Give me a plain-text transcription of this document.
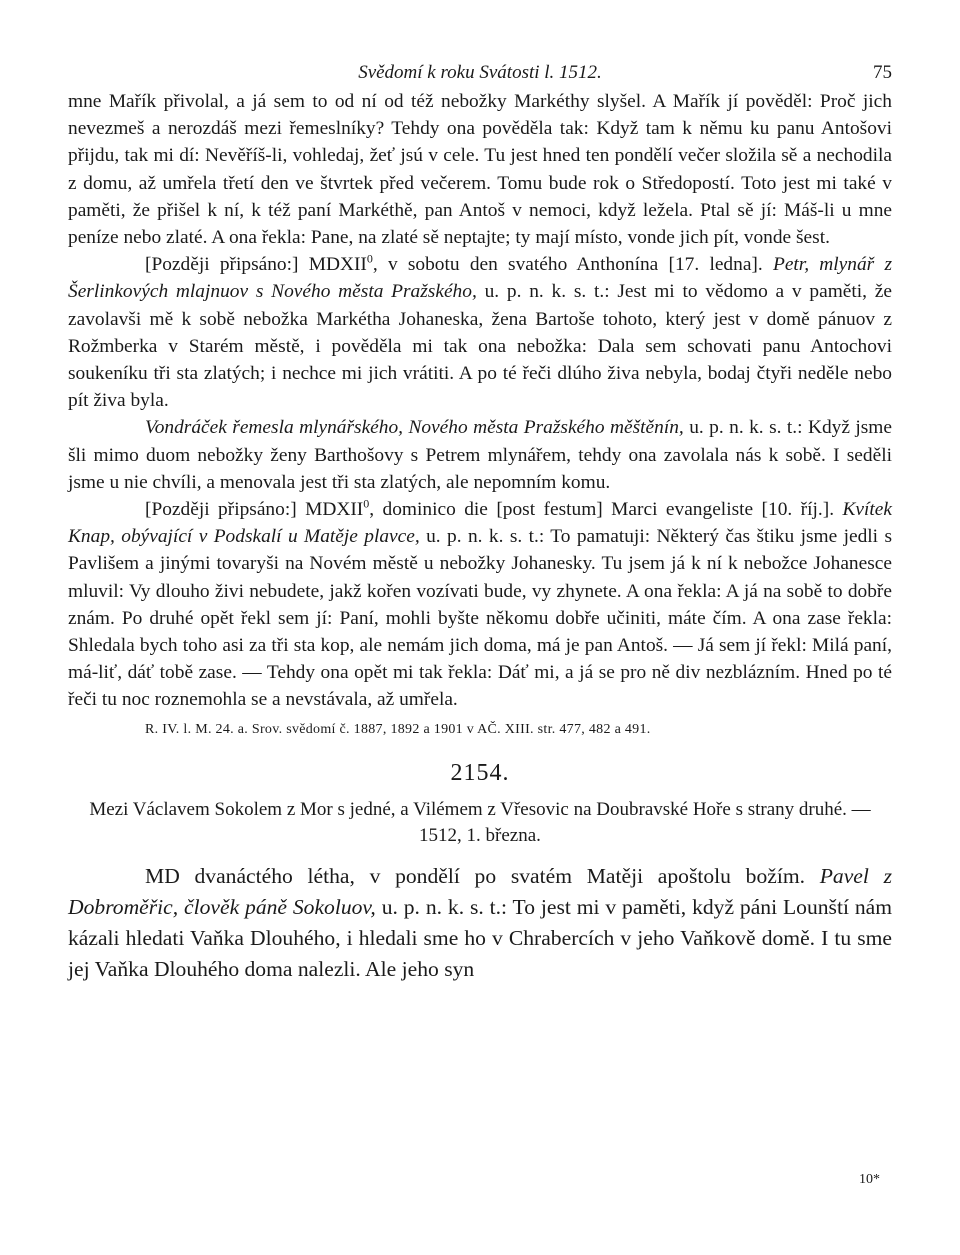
Svědomí k roku Svátosti l. 1512.	75

mne Mařík přivolal, a já sem to od ní od též nebožky Markéthy slyšel. A Mařík jí pověděl: Proč jich nevezmeš a nerozdáš mezi řemeslníky? Tehdy ona pověděla tak: Když tam k němu ku panu Antošovi přijdu, tak mi dí: Nevěříš-li, vohledaj, žeť jsú v cele. Tu jest hned ten pondělí večer složila sě a nechodila z domu, až umřela třetí den ve štvrtek před večerem. Tomu bude rok o Středopostí. Toto jest mi také v paměti, že přišel k ní, k též paní Markéthě, pan Antoš v nemoci, když ležela. Ptal sě jí: Máš-li u mne peníze nebo zlaté. A ona řekla: Pane, na zlaté sě neptajte; ty mají místo, vonde jich pít, vonde šest.

[Později připsáno:] MDXII$^0$, v sobotu den svatého Anthonína [17. ledna]. Petr, mlynář z Šerlinkových mlajnuov s Nového města Pražského, u. p. n. k. s. t.: Jest mi to vědomo a v paměti, že zavolavši mě k sobě nebožka Markétha Johaneska, žena Bartoše tohoto, který jest v domě pánuov z Rožmberka v Starém městě, i pověděla mi tak ona nebožka: Dala sem schovati panu Antochovi soukeníku tři sta zlatých; i nechce mi jich vrátiti. A po té řeči dlúho živa nebyla, bodaj čtyři neděle nebo pít živa byla.

Vondráček řemesla mlynářského, Nového města Pražského měštěnín, u. p. n. k. s. t.: Když jsme šli mimo duom nebožky ženy Barthošovy s Petrem mlynářem, tehdy ona zavolala nás k sobě. I seděli jsme u nie chvíli, a menovala jest tři sta zlatých, ale nepomním komu.

[Později připsáno:] MDXII$^0$, dominico die [post festum] Marci evangeliste [10. říj.]. Kvítek Knap, obývající v Podskalí u Matěje plavce, u. p. n. k. s. t.: To pamatuji: Některý čas štiku jsme jedli s Pavlišem a jinými tovaryši na Novém městě u nebožky Johanesky. Tu jsem já k ní k nebožce Johanesce mluvil: Vy dlouho živi nebudete, jakž kořen vozívati bude, vy zhynete. A ona řekla: A já na sobě to dobře znám. Po druhé opět řekl sem jí: Paní, mohli byšte někomu dobře učiniti, máte čím. A ona zase řekla: Shledala bych toho asi za tři sta kop, ale nemám jich doma, má je pan Antoš. — Já sem jí řekl: Milá paní, má-liť, dáť tobě zase. — Tehdy ona opět mi tak řekla: Dáť mi, a já se pro ně div nezblázním. Hned po té řeči tu noc roznemohla se a nevstávala, až umřela.

R. IV. l. M. 24. a. Srov. svědomí č. 1887, 1892 a 1901 v AČ. XIII. str. 477, 482 a 491.

2154.

Mezi Václavem Sokolem z Mor s jedné, a Vilémem z Vřesovic na Doubravské Hoře s strany druhé. — 1512, 1. března.

MD dvanáctého létha, v pondělí po svatém Matěji apoštolu božím. Pavel z Dobroměřic, člověk páně Sokoluov, u. p. n. k. s. t.: To jest mi v paměti, když páni Lounští nám kázali hledati Vaňka Dlouhého, i hledali sme ho v Chrabercích v jeho Vaňkově domě. I tu sme jej Vaňka Dlouhého doma nalezli. Ale jeho syn

10*
